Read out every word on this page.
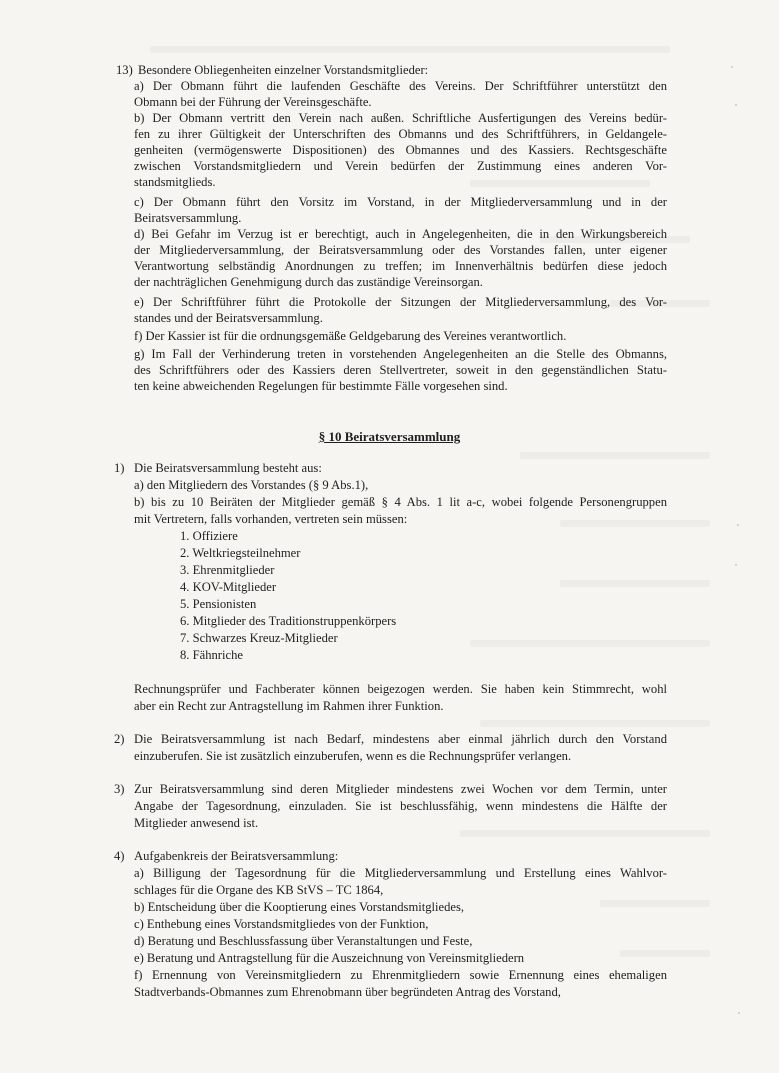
13) Besondere Obliegenheiten einzelner Vorstandsmitglieder:
a) Der Obmann führt die laufenden Geschäfte des Vereins. Der Schriftführer unterstützt den
Obmann bei der Führung der Vereinsgeschäfte.
b) Der Obmann vertritt den Verein nach außen. Schriftliche Ausfertigungen des Vereins bedür-
fen zu ihrer Gültigkeit der Unterschriften des Obmanns und des Schriftführers, in Geldangele-
genheiten (vermögenswerte Dispositionen) des Obmannes und des Kassiers. Rechtsgeschäfte
zwischen Vorstandsmitgliedern und Verein bedürfen der Zustimmung eines anderen Vor-
standsmitglieds.
c) Der Obmann führt den Vorsitz im Vorstand, in der Mitgliederversammlung und in der
Beiratsversammlung.
d) Bei Gefahr im Verzug ist er berechtigt, auch in Angelegenheiten, die in den Wirkungsbereich
der Mitgliederversammlung, der Beiratsversammlung oder des Vorstandes fallen, unter eigener
Verantwortung selbständig Anordnungen zu treffen; im Innenverhältnis bedürfen diese jedoch
der nachträglichen Genehmigung durch das zuständige Vereinsorgan.
e) Der Schriftführer führt die Protokolle der Sitzungen der Mitgliederversammlung, des Vor-
standes und der Beiratsversammlung.
f) Der Kassier ist für die ordnungsgemäße Geldgebarung des Vereines verantwortlich.
g) Im Fall der Verhinderung treten in vorstehenden Angelegenheiten an die Stelle des Obmanns,
des Schriftführers oder des Kassiers deren Stellvertreter, soweit in den gegenständlichen Statu-
ten keine abweichenden Regelungen für bestimmte Fälle vorgesehen sind.
§ 10 Beiratsversammlung
1) Die Beiratsversammlung besteht aus:
a) den Mitgliedern des Vorstandes (§ 9 Abs.1),
b) bis zu 10 Beiräten der Mitglieder gemäß § 4 Abs. 1 lit a-c, wobei folgende Personengruppen
mit Vertretern, falls vorhanden, vertreten sein müssen:
1. Offiziere
2. Weltkriegsteilnehmer
3. Ehrenmitglieder
4. KOV-Mitglieder
5. Pensionisten
6. Mitglieder des Traditionstruppenkörpers
7. Schwarzes Kreuz-Mitglieder
8. Fähnriche
Rechnungsprüfer und Fachberater können beigezogen werden. Sie haben kein Stimmrecht, wohl
aber ein Recht zur Antragstellung im Rahmen ihrer Funktion.
2) Die Beiratsversammlung ist nach Bedarf, mindestens aber einmal jährlich durch den Vorstand
einzuberufen. Sie ist zusätzlich einzuberufen, wenn es die Rechnungsprüfer verlangen.
3) Zur Beiratsversammlung sind deren Mitglieder mindestens zwei Wochen vor dem Termin, unter
Angabe der Tagesordnung, einzuladen. Sie ist beschlussfähig, wenn mindestens die Hälfte der
Mitglieder anwesend ist.
4) Aufgabenkreis der Beiratsversammlung:
a) Billigung der Tagesordnung für die Mitgliederversammlung und Erstellung eines Wahlvor-
schlages für die Organe des KB StVS – TC 1864,
b) Entscheidung über die Kooptierung eines Vorstandsmitgliedes,
c) Enthebung eines Vorstandsmitgliedes von der Funktion,
d) Beratung und Beschlussfassung über Veranstaltungen und Feste,
e) Beratung und Antragstellung für die Auszeichnung von Vereinsmitgliedern
f) Ernennung von Vereinsmitgliedern zu Ehrenmitgliedern sowie Ernennung eines ehemaligen
Stadtverbands-Obmannes zum Ehrenobmann über begründeten Antrag des Vorstand,
